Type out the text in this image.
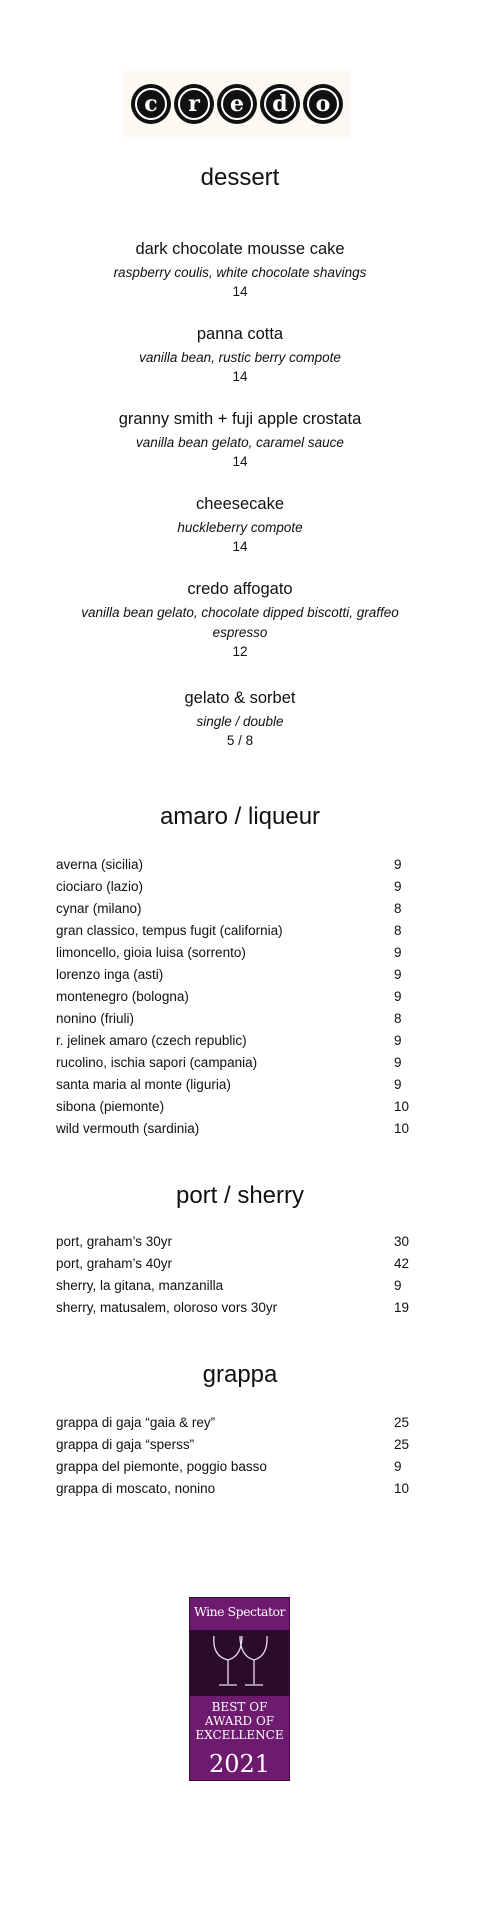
c r e d o
dessert
dark chocolate mousse cake
raspberry coulis, white chocolate shavings
14
panna cotta
vanilla bean, rustic berry compote
14
granny smith + fuji apple crostata
vanilla bean gelato, caramel sauce
14
cheesecake
huckleberry compote
14
credo affogato
vanilla bean gelato, chocolate dipped biscotti, graffeo espresso
12
gelato & sorbet
single / double
5 / 8
amaro / liqueur
averna (sicilia)	9
ciociaro (lazio)	9
cynar (milano)	8
gran classico, tempus fugit (california)	8
limoncello, gioia luisa (sorrento)	9
lorenzo inga (asti)	9
montenegro (bologna)	9
nonino (friuli)	8
r. jelinek amaro (czech republic)	9
rucolino, ischia sapori (campania)	9
santa maria al monte (liguria)	9
sibona (piemonte)	10
wild vermouth (sardinia)	10
port / sherry
port, graham’s 30yr	30
port, graham’s 40yr	42
sherry, la gitana, manzanilla	9
sherry, matusalem, oloroso vors 30yr	19
grappa
grappa di gaja “gaia & rey”	25
grappa di gaja “sperss”	25
grappa del piemonte, poggio basso	9
grappa di moscato, nonino	10
Wine Spectator
BEST OF
AWARD OF
EXCELLENCE
2021
